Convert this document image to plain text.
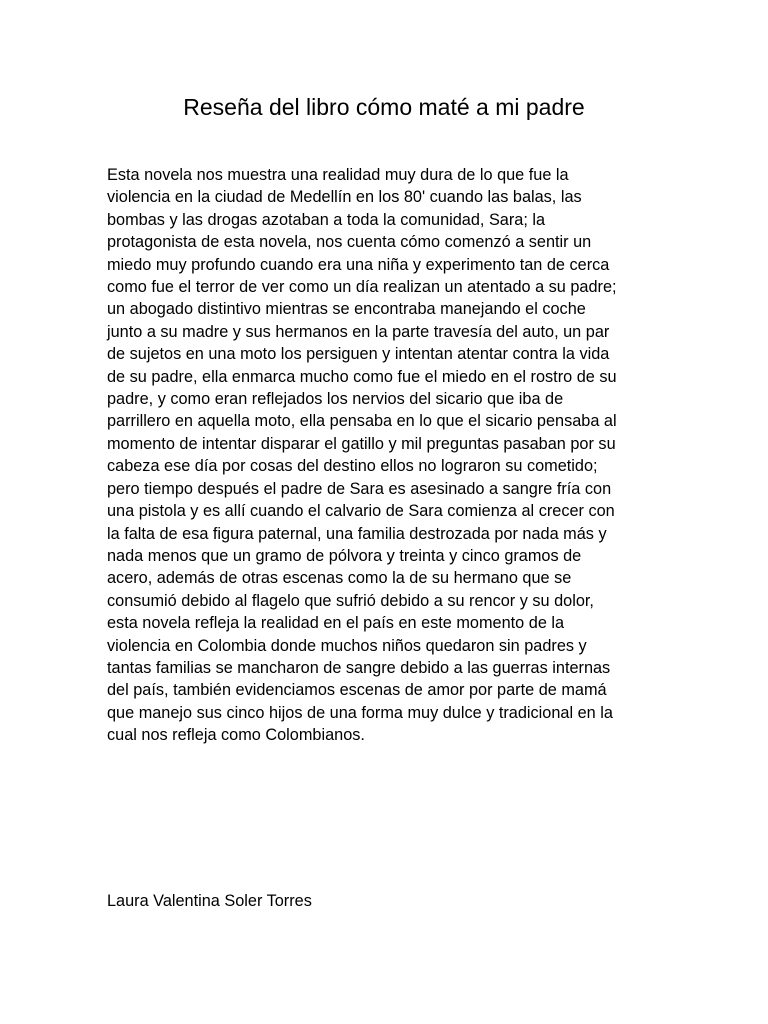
Reseña del libro cómo maté a mi padre
Esta novela nos muestra una realidad muy dura de lo que fue la
violencia en la ciudad de Medellín en los 80' cuando las balas, las
bombas y las drogas azotaban a toda la comunidad, Sara; la
protagonista de esta novela, nos cuenta cómo comenzó a sentir un
miedo muy profundo cuando era una niña y experimento tan de cerca
como fue el terror de ver como un día realizan un atentado a su padre;
un abogado distintivo mientras se encontraba manejando el coche
junto a su madre y sus hermanos en la parte travesía del auto, un par
de sujetos en una moto los persiguen y intentan atentar contra la vida
de su padre, ella enmarca mucho como fue el miedo en el rostro de su
padre, y como eran reflejados los nervios del sicario que iba de
parrillero en aquella moto, ella pensaba en lo que el sicario pensaba al
momento de intentar disparar el gatillo y mil preguntas pasaban por su
cabeza ese día por cosas del destino ellos no lograron su cometido;
pero tiempo después el padre de Sara es asesinado a sangre fría con
una pistola y es allí cuando el calvario de Sara comienza al crecer con
la falta de esa figura paternal, una familia destrozada por nada más y
nada menos que un gramo de pólvora y treinta y cinco gramos de
acero, además de otras escenas como la de su hermano que se
consumió debido al flagelo que sufrió debido a su rencor y su dolor,
esta novela refleja la realidad en el país en este momento de la
violencia en Colombia donde muchos niños quedaron sin padres y
tantas familias se mancharon de sangre debido a las guerras internas
del país, también evidenciamos escenas de amor por parte de mamá
que manejo sus cinco hijos de una forma muy dulce y tradicional en la
cual nos refleja como Colombianos.

Laura Valentina Soler Torres
